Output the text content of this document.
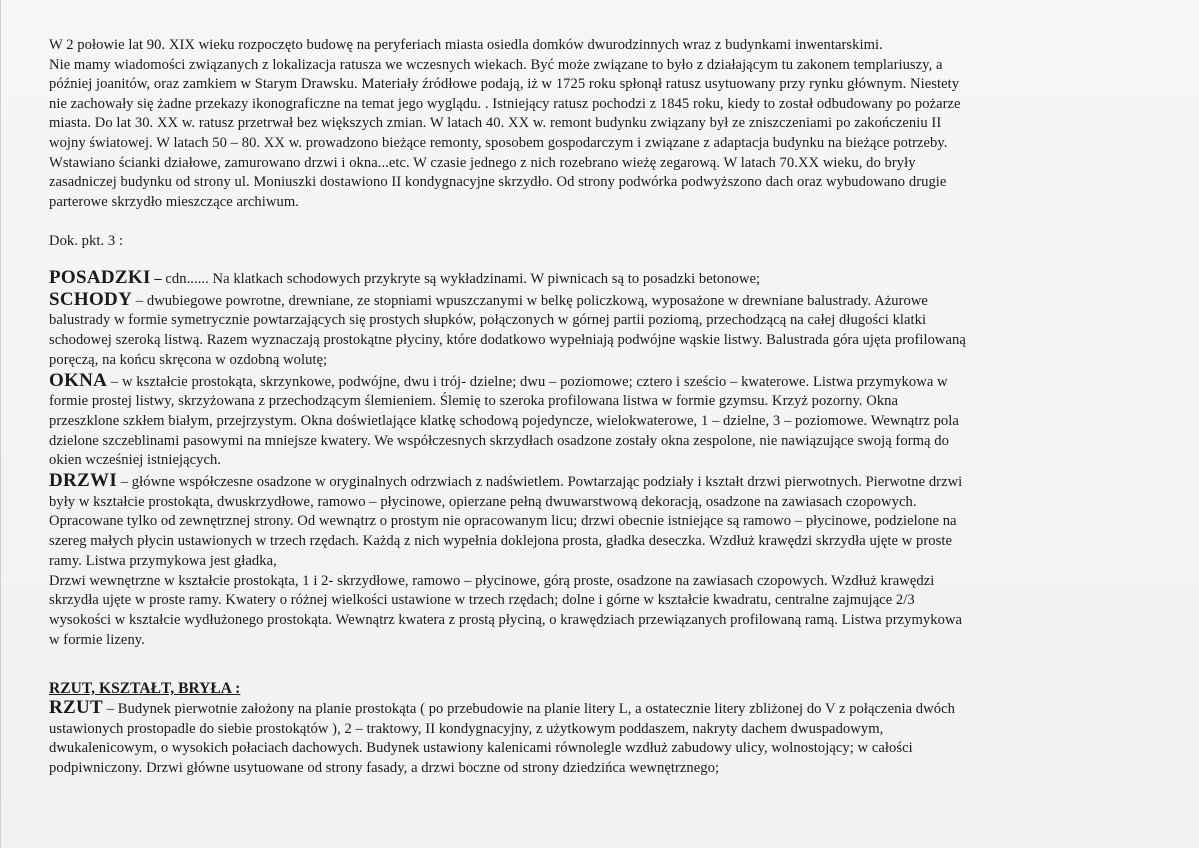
W 2 połowie lat 90. XIX wieku rozpoczęto budowę na peryferiach miasta osiedla domków dwurodzinnych wraz z budynkami inwentarskimi.
Nie mamy wiadomości związanych z lokalizacja ratusza we wczesnych wiekach. Być może związane to było z działającym tu zakonem templariuszy, a
później joanitów, oraz zamkiem w Starym Drawsku. Materiały źródłowe podają, iż w 1725 roku spłonął ratusz usytuowany przy rynku głównym. Niestety
nie zachowały się żadne przekazy ikonograficzne na temat jego wyglądu. . Istniejący ratusz pochodzi z 1845 roku, kiedy to został odbudowany po pożarze
miasta. Do lat 30. XX w. ratusz przetrwał bez większych zmian. W latach 40. XX w. remont budynku związany był ze zniszczeniami po zakończeniu II
wojny światowej. W latach 50 – 80. XX w. prowadzono bieżące remonty, sposobem gospodarczym i związane z adaptacja budynku na bieżące potrzeby.
Wstawiano ścianki działowe, zamurowano drzwi i okna...etc. W czasie jednego z nich rozebrano wieżę zegarową. W latach 70.XX wieku, do bryły
zasadniczej budynku od strony ul. Moniuszki dostawiono II kondygnacyjne skrzydło. Od strony podwórka podwyższono dach oraz wybudowano drugie
parterowe skrzydło mieszczące archiwum.
Dok. pkt. 3 :
POSADZKI – cdn...... Na klatkach schodowych przykryte są wykładzinami. W piwnicach są to posadzki betonowe;
SCHODY – dwubiegowe powrotne, drewniane, ze stopniami wpuszczanymi w belkę policzkową, wyposażone w drewniane balustrady. Ażurowe
balustrady w formie symetrycznie powtarzających się prostych słupków, połączonych w górnej partii poziomą, przechodzącą na całej długości klatki
schodowej szeroką listwą. Razem wyznaczają prostokątne płyciny, które dodatkowo wypełniają podwójne wąskie listwy. Balustrada góra ujęta profilowaną
poręczą, na końcu skręcona w ozdobną wolutę;
OKNA – w kształcie prostokąta, skrzynkowe, podwójne, dwu i trój- dzielne; dwu – poziomowe; cztero i sześcio – kwaterowe. Listwa przymykowa w
formie prostej listwy, skrzyżowana z przechodzącym ślemieniem. Ślemię to szeroka profilowana listwa w formie gzymsu. Krzyż pozorny. Okna
przeszklone szkłem białym, przejrzystym. Okna doświetlające klatkę schodową pojedyncze, wielokwaterowe, 1 – dzielne, 3 – poziomowe. Wewnątrz pola
dzielone szczeblinami pasowymi na mniejsze kwatery. We współczesnych skrzydłach osadzone zostały okna zespolone, nie nawiązujące swoją formą do
okien wcześniej istniejących.
DRZWI – główne współczesne osadzone w oryginalnych odrzwiach z nadświetlem. Powtarzając podziały i kształt drzwi pierwotnych. Pierwotne drzwi
były w kształcie prostokąta, dwuskrzydłowe, ramowo – płycinowe, opierzane pełną dwuwarstwową dekoracją, osadzone na zawiasach czopowych.
Opracowane tylko od zewnętrznej strony. Od wewnątrz o prostym nie opracowanym licu; drzwi obecnie istniejące są ramowo – płycinowe, podzielone na
szereg małych płycin ustawionych w trzech rzędach. Każdą z nich wypełnia doklejona prosta, gładka deseczka. Wzdłuż krawędzi skrzydła ujęte w proste
ramy. Listwa przymykowa jest gładka,
Drzwi wewnętrzne w kształcie prostokąta, 1 i 2- skrzydłowe, ramowo – płycinowe, górą proste, osadzone na zawiasach czopowych. Wzdłuż krawędzi
skrzydła ujęte w proste ramy. Kwatery o różnej wielkości ustawione w trzech rzędach; dolne i górne w kształcie kwadratu, centralne zajmujące 2/3
wysokości w kształcie wydłużonego prostokąta. Wewnątrz kwatera z prostą płyciną, o krawędziach przewiązanych profilowaną ramą. Listwa przymykowa
w formie lizeny.
RZUT, KSZTAŁT, BRYŁA :
RZUT – Budynek pierwotnie założony na planie prostokąta ( po przebudowie na planie litery L, a ostatecznie litery zbliżonej do V z połączenia dwóch
ustawionych prostopadle do siebie prostokątów ), 2 – traktowy, II kondygnacyjny, z użytkowym poddaszem, nakryty dachem dwuspadowym,
dwukalenicowym, o wysokich połaciach dachowych. Budynek ustawiony kalenicami równolegle wzdłuż zabudowy ulicy, wolnostojący; w całości
podpiwniczony. Drzwi główne usytuowane od strony fasady, a drzwi boczne od strony dziedzińca wewnętrznego;
